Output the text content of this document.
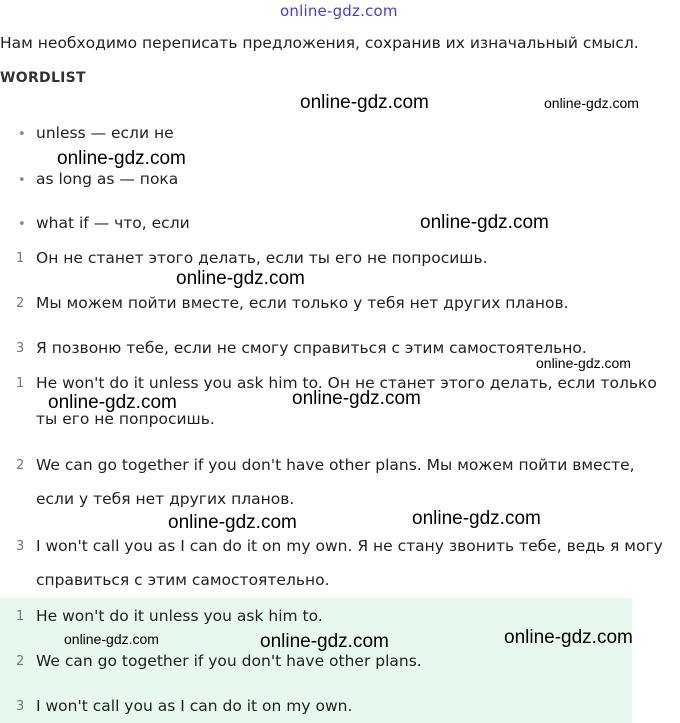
online-gdz.com
Нам необходимо переписать предложения, сохранив их изначальный смысл.
WORDLIST
• unless — если не
• as long as — пока
• what if — что, если
1 Он не станет этого делать, если ты его не попросишь.
2 Мы можем пойти вместе, если только у тебя нет других планов.
3 Я позвоню тебе, если не смогу справиться с этим самостоятельно.
1 He won't do it unless you ask him to. Он не станет этого делать, если только
ты его не попросишь.
2 We can go together if you don't have other plans. Мы можем пойти вместе,
если у тебя нет других планов.
3 I won't call you as I can do it on my own. Я не стану звонить тебе, ведь я могу
справиться с этим самостоятельно.
1 He won't do it unless you ask him to.
2 We can go together if you don't have other plans.
3 I won't call you as I can do it on my own.
online-gdz.com	online-gdz.com
online-gdz.com
online-gdz.com
online-gdz.com
online-gdz.com
online-gdz.com	online-gdz.com
online-gdz.com	online-gdz.com
online-gdz.com	online-gdz.com	online-gdz.com
